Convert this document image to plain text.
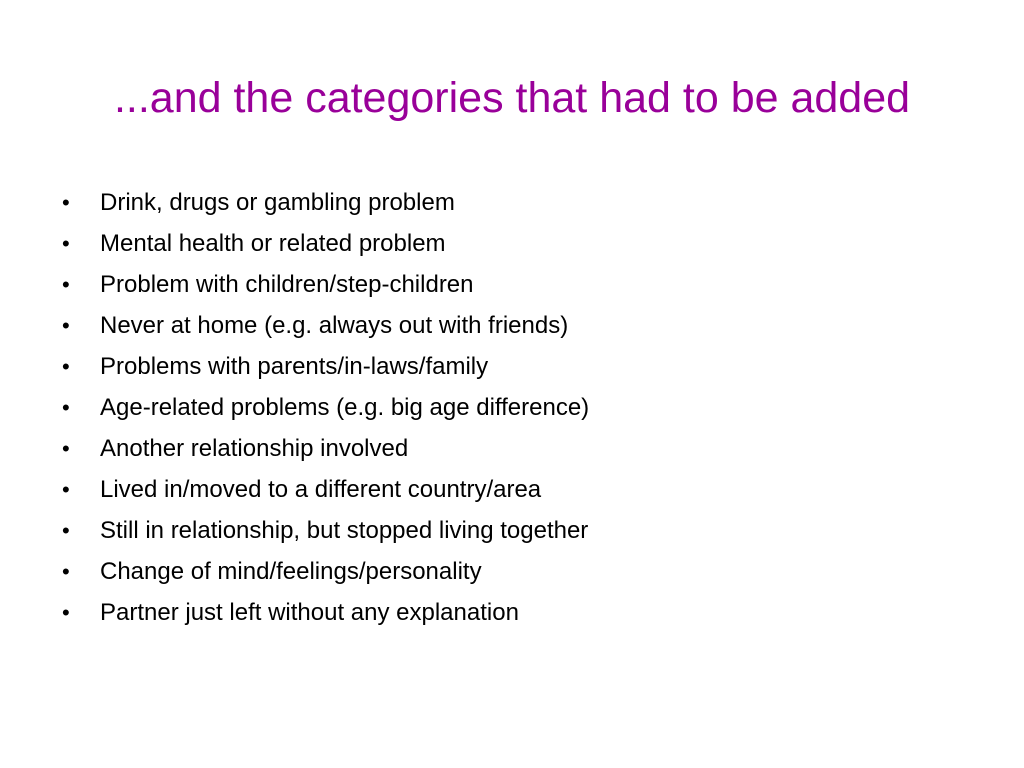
...and the categories that had to be added
•	Drink, drugs or gambling problem
•	Mental health or related problem
•	Problem with children/step-children
•	Never at home (e.g. always out with friends)
•	Problems with parents/in-laws/family
•	Age-related problems (e.g. big age difference)
•	Another relationship involved
•	Lived in/moved to a different country/area
•	Still in relationship, but stopped living together
•	Change of mind/feelings/personality
•	Partner just left without any explanation
